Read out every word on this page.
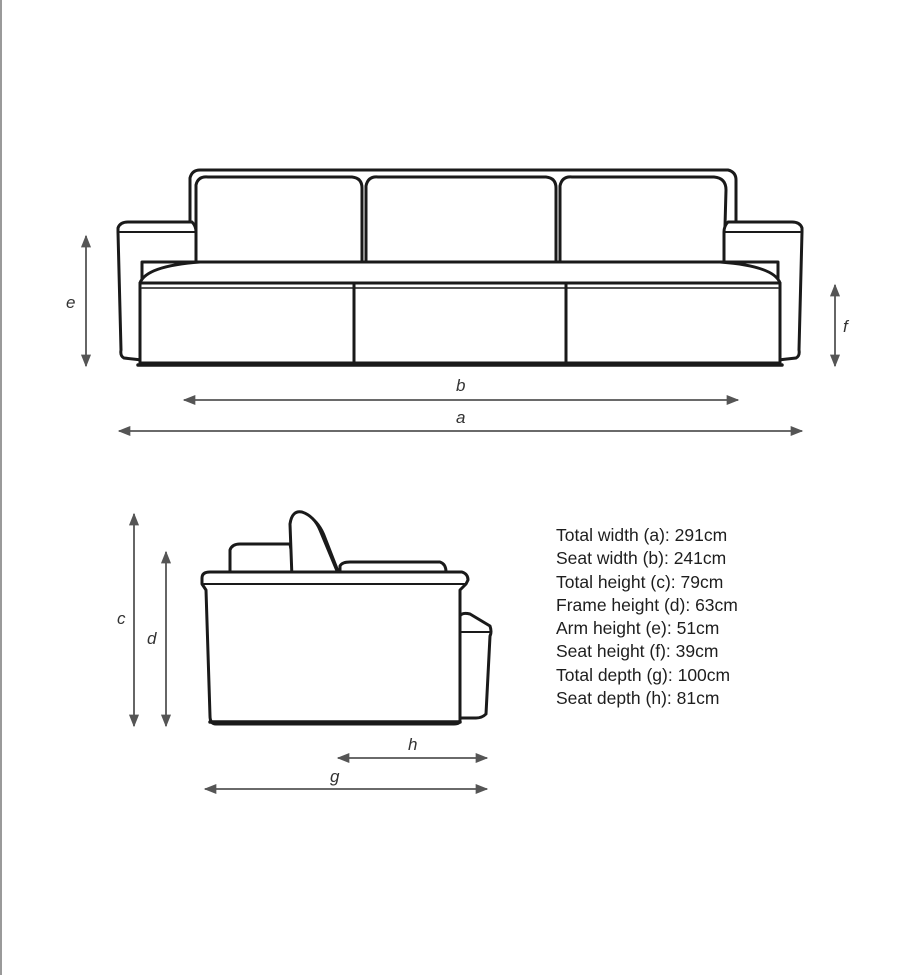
e
f
b
a
c
d
h
g
Total width (a): 291cm
Seat width (b): 241cm
Total height (c): 79cm
Frame height (d): 63cm
Arm height (e): 51cm
Seat height (f): 39cm
Total depth (g): 100cm
Seat depth (h): 81cm
